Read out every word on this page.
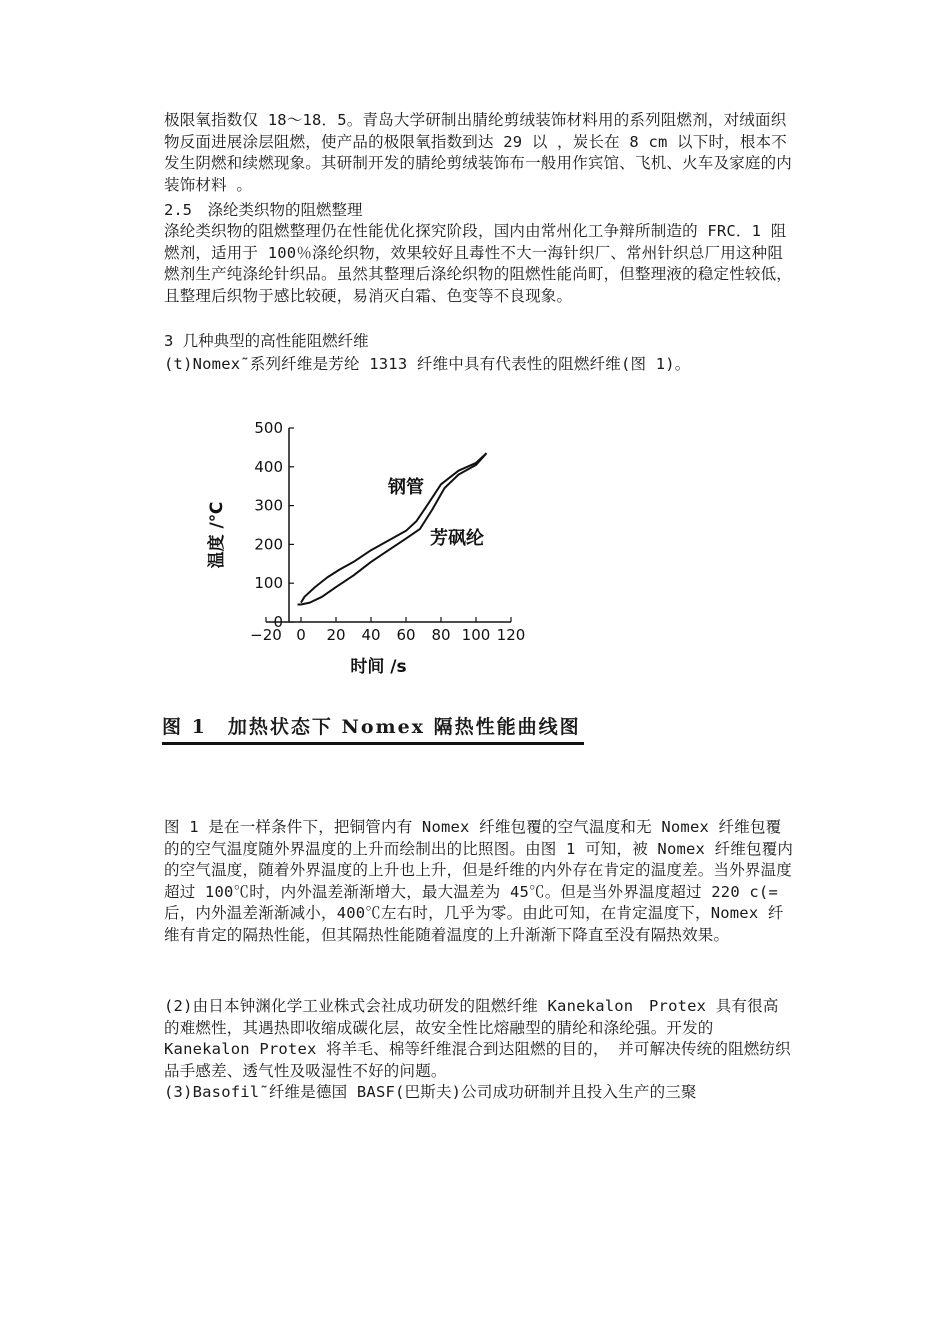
极限氧指数仅 18～18．5。青岛大学研制出腈纶剪绒装饰材料用的系列阻燃剂，对绒面织物反面进展涂层阻燃，使产品的极限氧指数到达 29 以 ，炭长在 8 cm 以下时，根本不发生阴燃和续燃现象。其研制开发的腈纶剪绒装饰布一般用作宾馆、飞机、火车及家庭的内装饰材料 。

2.5　涤纶类织物的阻燃整理

涤纶类织物的阻燃整理仍在性能优化探究阶段，国内由常州化工争辩所制造的 FRC．1 阻燃剂，适用于 100％涤纶织物，效果较好且毒性不大一海针织厂、常州针织总厂用这种阻燃剂生产纯涤纶针织品。虽然其整理后涤纶织物的阻燃性能尚町，但整理液的稳定性较低，且整理后织物于感比较硬，易消灭白霜、色变等不良现象。

3 几种典型的高性能阻燃纤维

(t)Nomex˜系列纤维是芳纶 1313 纤维中具有代表性的阻燃纤维(图 1)。

−20 0 20 40 60 80 100 120
0
100
200
300
400
500
温度 /℃
时间 /s
钢管
芳砜纶
图 1　加热状态下 Nomex 隔热性能曲线图

图 1 是在一样条件下，把铜管内有 Nomex 纤维包覆的空气温度和无 Nomex 纤维包覆的的空气温度随外界温度的上升而绘制出的比照图。由图 1 可知，被 Nomex 纤维包覆内的空气温度，随着外界温度的上升也上升，但是纤维的内外存在肯定的温度差。当外界温度超过 100℃时，内外温差渐渐增大，最大温差为 45℃。但是当外界温度超过 220 c(=后，内外温差渐渐减小，400℃左右时，几乎为零。由此可知，在肯定温度下，Nomex 纤维有肯定的隔热性能，但其隔热性能随着温度的上升渐渐下降直至没有隔热效果。

(2)由日本钟渊化学工业株式会社成功研发的阻燃纤维 Kanekalon　Protex 具有很高的难燃性，其遇热即收缩成碳化层，故安全性比熔融型的腈纶和涤纶强。开发的Kanekalon Protex 将羊毛、棉等纤维混合到达阻燃的目的， 并可解决传统的阻燃纺织品手感差、透气性及吸湿性不好的问题。

(3)Basofil˜纤维是德国 BASF(巴斯夫)公司成功研制并且投入生产的三聚
